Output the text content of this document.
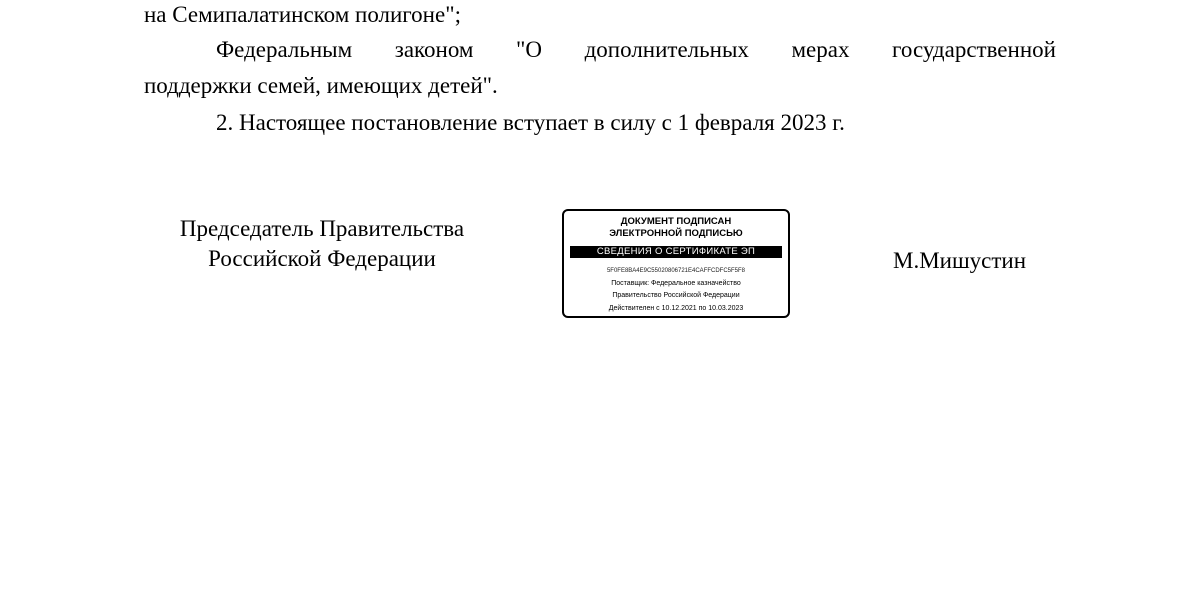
на Семипалатинском полигоне";
Федеральным законом "О дополнительных мерах государственной
поддержки семей, имеющих детей".
2. Настоящее постановление вступает в силу с 1 февраля 2023 г.
Председатель Правительства
Российской Федерации
ДОКУМЕНТ ПОДПИСАН
ЭЛЕКТРОННОЙ ПОДПИСЬЮ
СВЕДЕНИЯ О СЕРТИФИКАТЕ ЭП
5F0FE8BA4E9C55020806721E4CAFFCDFC5F5F8
Поставщик: Федеральное казначейство
Правительство Российской Федерации
Действителен с 10.12.2021 по 10.03.2023
М.Мишустин
